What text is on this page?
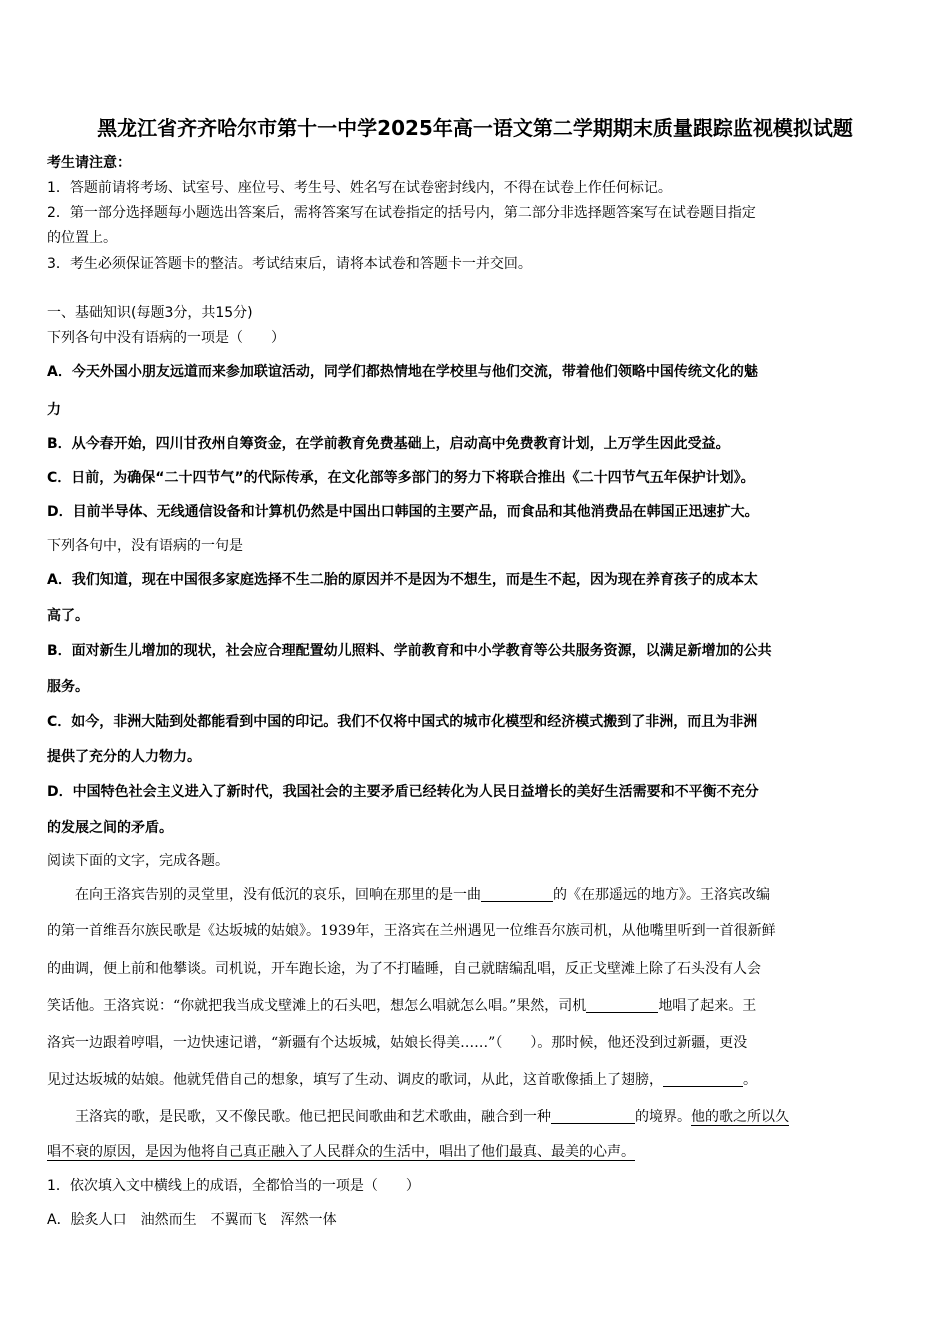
黑龙江省齐齐哈尔市第十一中学2025年高一语文第二学期期末质量跟踪监视模拟试题
考生请注意：
1．答题前请将考场、试室号、座位号、考生号、姓名写在试卷密封线内，不得在试卷上作任何标记。
2．第一部分选择题每小题选出答案后，需将答案写在试卷指定的括号内，第二部分非选择题答案写在试卷题目指定
的位置上。
3．考生必须保证答题卡的整洁。考试结束后，请将本试卷和答题卡一并交回。
一、基础知识(每题3分，共15分)
下列各句中没有语病的一项是（　　）
A．今天外国小朋友远道而来参加联谊活动，同学们都热情地在学校里与他们交流，带着他们领略中国传统文化的魅
力
B．从今春开始，四川甘孜州自筹资金，在学前教育免费基础上，启动高中免费教育计划，上万学生因此受益。
C．日前，为确保“二十四节气”的代际传承，在文化部等多部门的努力下将联合推出《二十四节气五年保护计划》。
D．目前半导体、无线通信设备和计算机仍然是中国出口韩国的主要产品，而食品和其他消费品在韩国正迅速扩大。
下列各句中，没有语病的一句是
A．我们知道，现在中国很多家庭选择不生二胎的原因并不是因为不想生，而是生不起，因为现在养育孩子的成本太
高了。
B．面对新生儿增加的现状，社会应合理配置幼儿照料、学前教育和中小学教育等公共服务资源，以满足新增加的公共
服务。
C．如今，非洲大陆到处都能看到中国的印记。我们不仅将中国式的城市化模型和经济模式搬到了非洲，而且为非洲
提供了充分的人力物力。
D．中国特色社会主义进入了新时代，我国社会的主要矛盾已经转化为人民日益增长的美好生活需要和不平衡不充分
的发展之间的矛盾。
阅读下面的文字，完成各题。
在向王洛宾告别的灵堂里，没有低沉的哀乐，回响在那里的是一曲	的《在那遥远的地方》。王洛宾改编
的第一首维吾尔族民歌是《达坂城的姑娘》。1939年，王洛宾在兰州遇见一位维吾尔族司机，从他嘴里听到一首很新鲜
的曲调，便上前和他攀谈。司机说，开车跑长途，为了不打瞌睡，自己就瞎编乱唱，反正戈壁滩上除了石头没有人会
笑话他。王洛宾说：“你就把我当成戈壁滩上的石头吧，想怎么唱就怎么唱。”果然，司机	地唱了起来。王
洛宾一边跟着哼唱，一边快速记谱，“新疆有个达坂城，姑娘长得美……”（　　）。那时候，他还没到过新疆，更没
见过达坂城的姑娘。他就凭借自己的想象，填写了生动、调皮的歌词，从此，这首歌像插上了翅膀，	。
王洛宾的歌，是民歌，又不像民歌。他已把民间歌曲和艺术歌曲，融合到一种	的境界。他的歌之所以久
唱不衰的原因，是因为他将自己真正融入了人民群众的生活中，唱出了他们最真、最美的心声。
1．依次填入文中横线上的成语，全都恰当的一项是（　　）
A．脍炙人口　油然而生　不翼而飞　浑然一体
